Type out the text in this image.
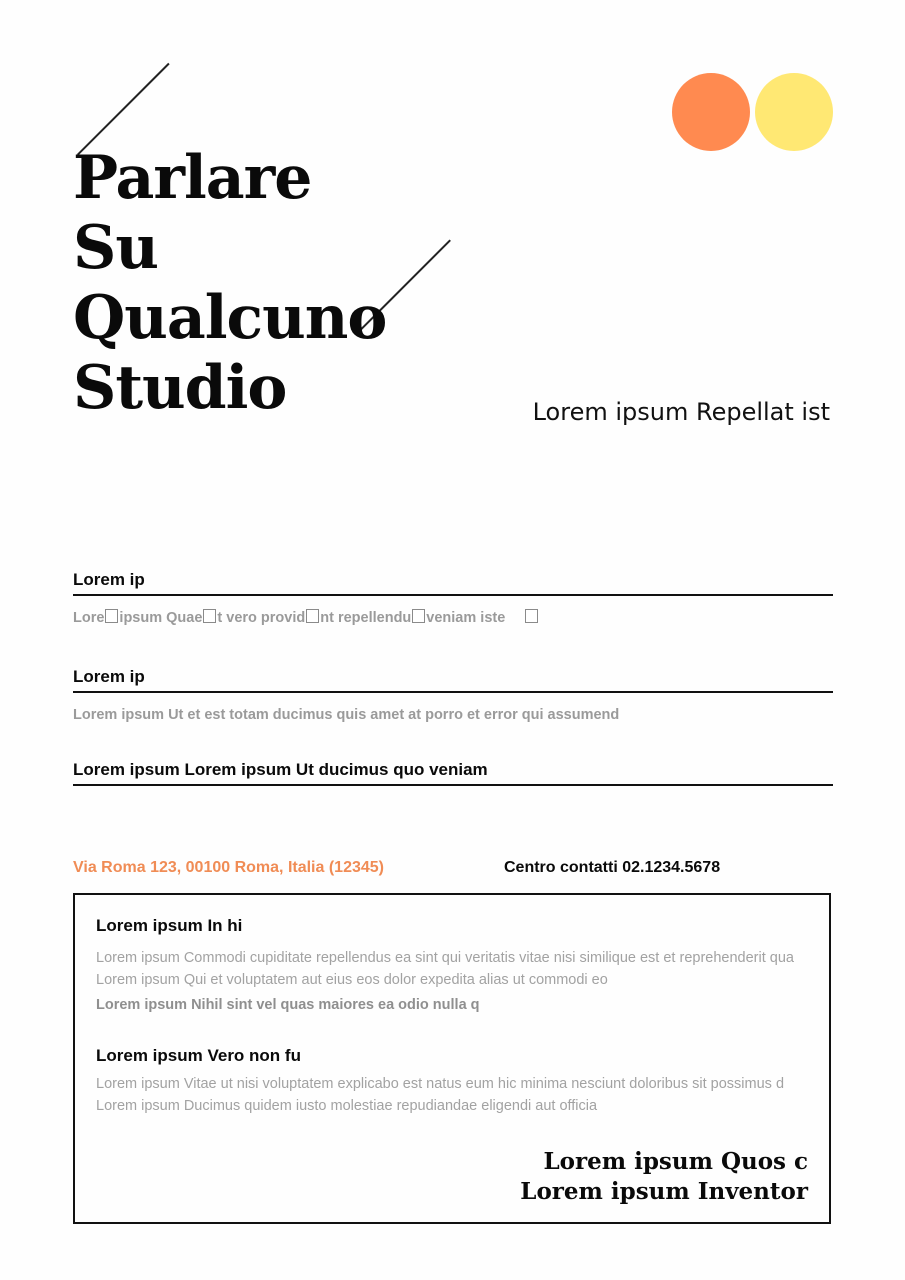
Parlare
Su
Qualcuno
Studio	Lorem ipsum Repellat ist
Lorem ip
Lore ipsum Quae t vero provid nt repellendu veniam iste
Lorem ip
Lorem ipsum Ut et est totam ducimus quis amet at porro et error qui assumend
Lorem ipsum Lorem ipsum Ut ducimus quo veniam
Via Roma 123, 00100 Roma, Italia (12345)	Centro contatti 02.1234.5678
Lorem ipsum In hi
Lorem ipsum Commodi cupiditate repellendus ea sint qui veritatis vitae nisi similique est et reprehenderit qua
Lorem ipsum Qui et voluptatem aut eius eos dolor expedita alias ut commodi eo
Lorem ipsum Nihil sint vel quas maiores ea odio nulla q
Lorem ipsum Vero non fu
Lorem ipsum Vitae ut nisi voluptatem explicabo est natus eum hic minima nesciunt doloribus sit possimus d
Lorem ipsum Ducimus quidem iusto molestiae repudiandae eligendi aut officia
Lorem ipsum Quos c
Lorem ipsum Inventor
